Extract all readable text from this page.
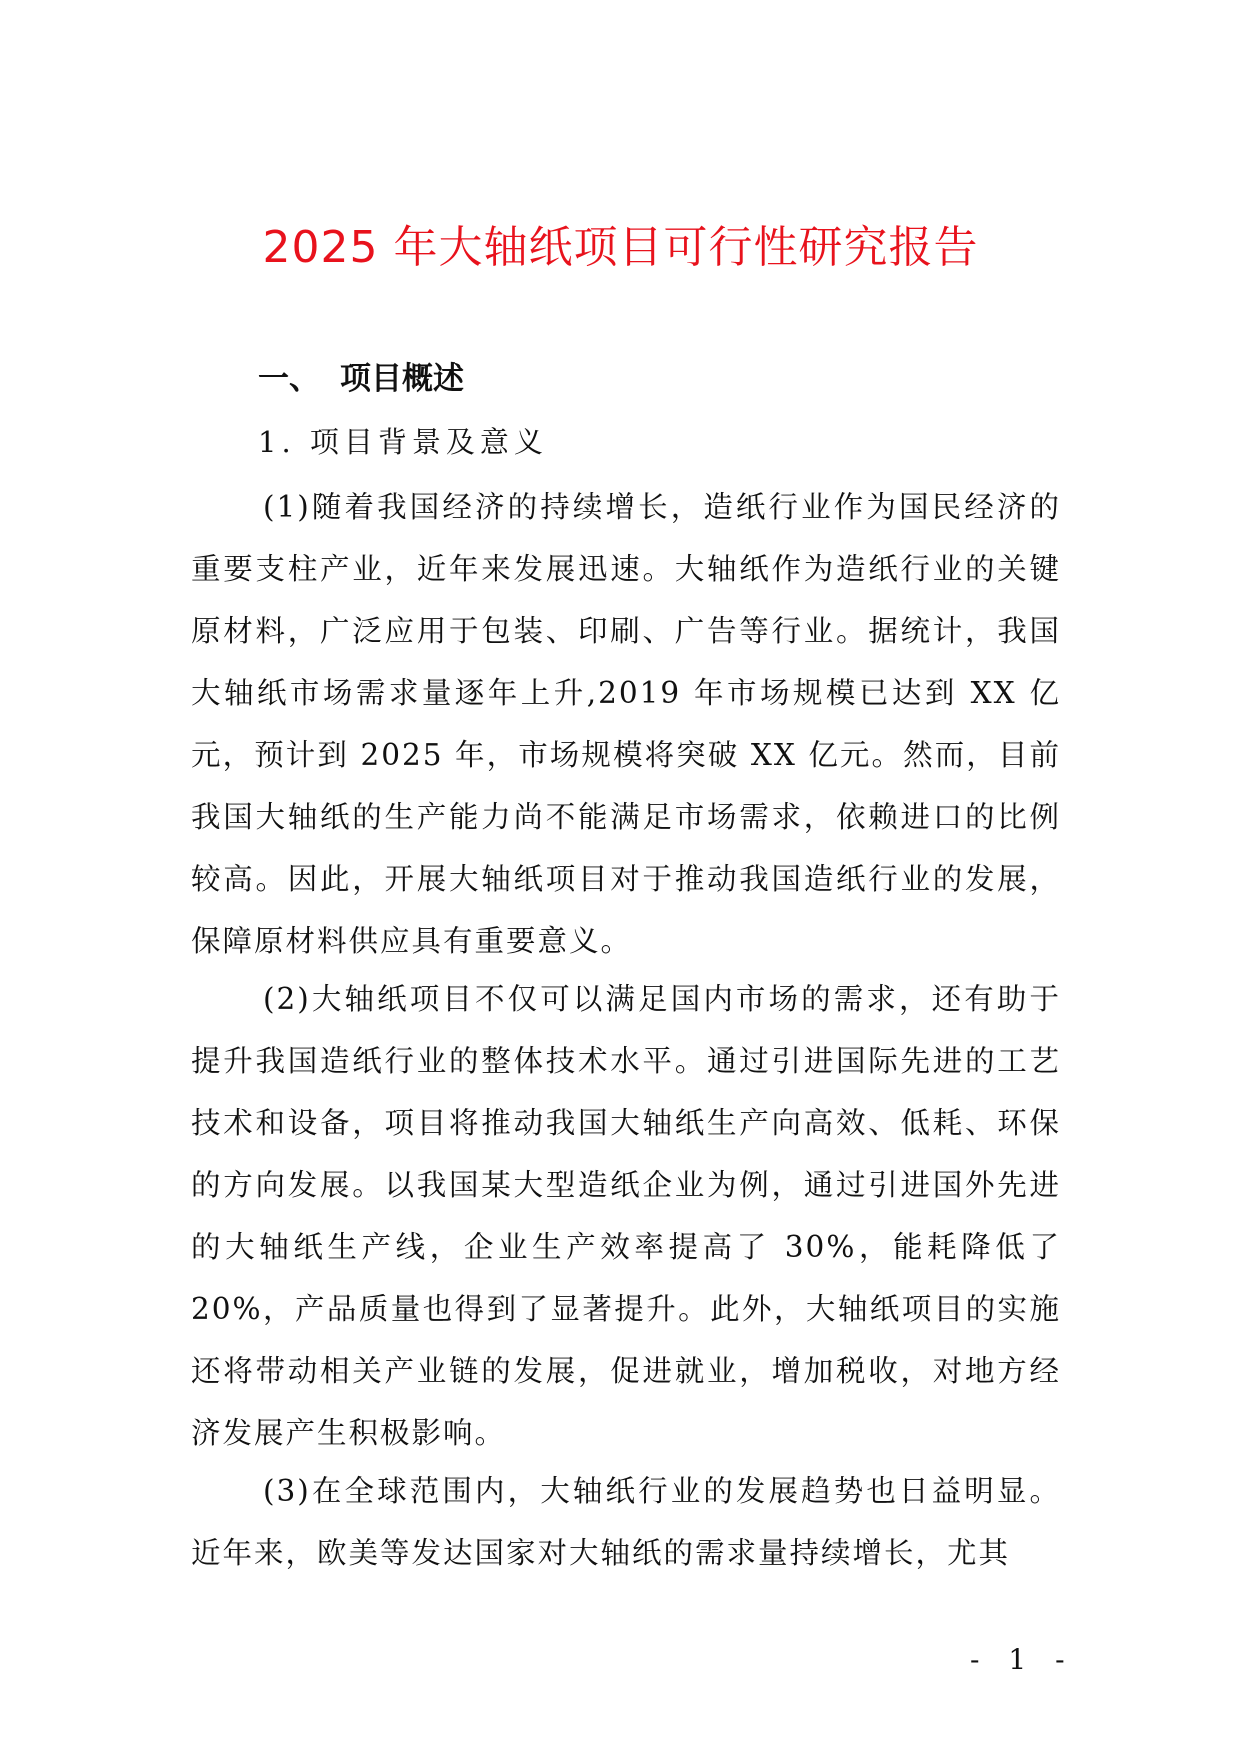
2025 年大轴纸项目可行性研究报告
一、 项目概述
1. 项目背景及意义

(1)随着我国经济的持续增长，造纸行业作为国民经济的重要支柱产业，近年来发展迅速。大轴纸作为造纸行业的关键原材料，广泛应用于包装、印刷、广告等行业。据统计，我国大轴纸市场需求量逐年上升,2019 年市场规模已达到 XX 亿元，预计到 2025 年，市场规模将突破 XX 亿元。然而，目前我国大轴纸的生产能力尚不能满足市场需求，依赖进口的比例较高。因此，开展大轴纸项目对于推动我国造纸行业的发展，保障原材料供应具有重要意义。

(2)大轴纸项目不仅可以满足国内市场的需求，还有助于提升我国造纸行业的整体技术水平。通过引进国际先进的工艺技术和设备，项目将推动我国大轴纸生产向高效、低耗、环保的方向发展。以我国某大型造纸企业为例，通过引进国外先进的大轴纸生产线，企业生产效率提高了 30%，能耗降低了 20%，产品质量也得到了显著提升。此外，大轴纸项目的实施还将带动相关产业链的发展，促进就业，增加税收，对地方经济发展产生积极影响。

(3)在全球范围内，大轴纸行业的发展趋势也日益明显。近年来，欧美等发达国家对大轴纸的需求量持续增长，尤其

- 1 -
